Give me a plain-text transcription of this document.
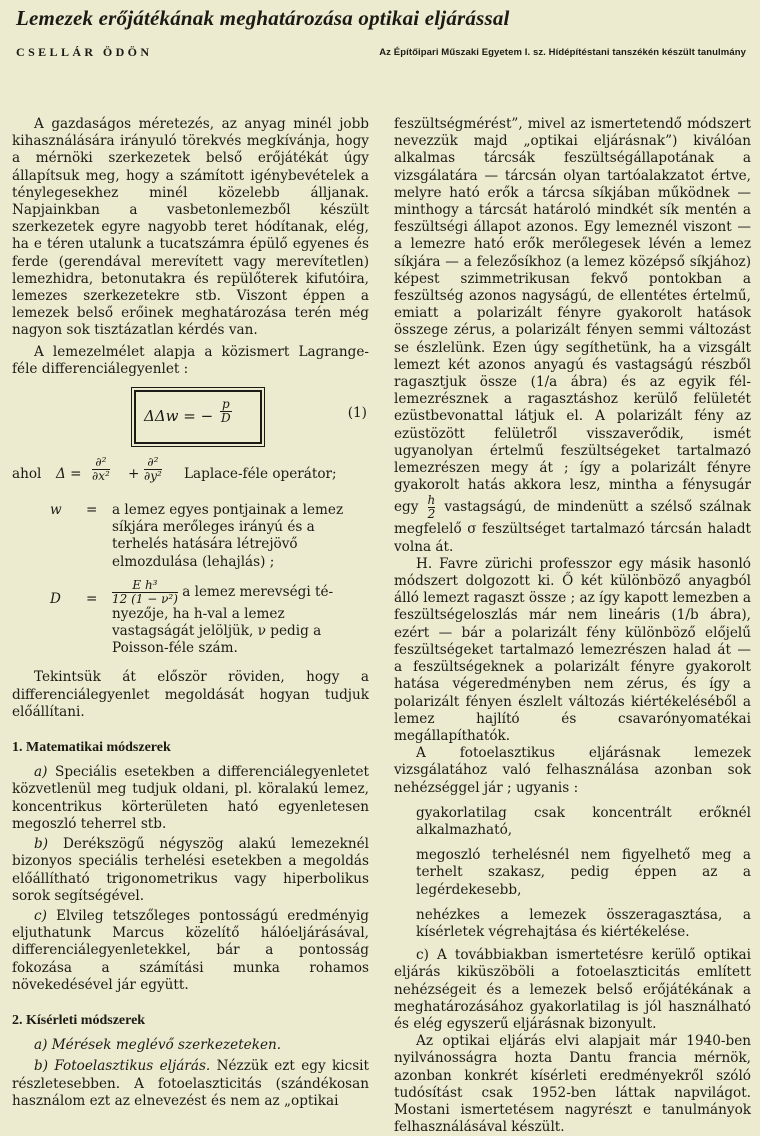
Lemezek erőjátékának meghatározása optikai eljárással
CSELLÁR ÖDÖN	Az Építőipari Műszaki Egyetem I. sz. Hídépítéstani tanszékén készült tanulmány

A gazdaságos méretezés, az anyag minél jobb kihasználására irányuló törekvés megkívánja, hogy a mérnöki szerkezetek belső erőjátékát úgy állapítsuk meg, hogy a számított igénybevételek a ténylegesekhez minél közelebb álljanak. Napjainkban a vasbetonlemezből készült szerkezetek egyre nagyobb teret hódítanak, elég, ha e téren utalunk a tucatszámra épülő egyenes és ferde (gerendával merevített vagy merevítetlen) lemezhidra, betonutakra és repülőterek kifutóira, lemezes szerkezetekre stb. Viszont éppen a lemezek belső erőinek meghatározása terén még nagyon sok tisztázatlan kérdés van.

A lemezelmélet alapja a közismert Lagrange-féle differenciálegyenlet :

ΔΔw = − $\frac{p}{D}$	(1)
ahol Δ =
∂²
∂x² +
∂²
∂y² Laplace-féle operátor;
w =	a lemez egyes pontjainak a lemez síkjára merőleges irányú és a terhelés hatására létrejövő elmozdulása (lehajlás) ;
$D = \frac{\text{E h³}}{\text{12 (1 − ν²)}}$ a lemez merevségi té-
nyezője, ha h-val a lemez vastagságát jelöljük, ν pedig a Poisson-féle szám.

Tekintsük át először röviden, hogy a differenciálegyenlet megoldását hogyan tudjuk előállítani.

1. Matematikai módszerek

a) Speciális esetekben a differenciálegyenletet közvetlenül meg tudjuk oldani, pl. köralakú lemez, koncentrikus körterületen ható egyenletesen megoszló teherrel stb.

b) Derékszögű négyszög alakú lemezeknél bizonyos speciális terhelési esetekben a megoldás előállítható trigonometrikus vagy hiperbolikus sorok segítségével.

c) Elvileg tetszőleges pontosságú eredményig eljuthatunk Marcus közelítő hálóeljárásával, differenciálegyenletekkel, bár a pontosság fokozása a számítási munka rohamos növekedésével jár együtt.

2. Kísérleti módszerek

a) Mérések meglévő szerkezeteken.

b) Fotoelasztikus eljárás. Nézzük ezt egy kicsit részletesebben. A fotoelaszticitás (szándékosan használom ezt az elnevezést és nem az „optikai

feszültségmérést”, mivel az ismertetendő módszert nevezzük majd „optikai eljárásnak”) kiválóan alkalmas tárcsák feszültségállapotának a vizsgálatára — tárcsán olyan tartóalakzatot értve, melyre ható erők a tárcsa síkjában működnek — minthogy a tárcsát határoló mindkét sík mentén a feszültségi állapot azonos. Egy lemeznél viszont — a lemezre ható erők merőlegesek lévén a lemez síkjára — a felezősíkhoz (a lemez középső síkjához) képest szimmetrikusan fekvő pontokban a feszültség azonos nagyságú, de ellentétes értelmű, emiatt a polarizált fényre gyakorolt hatások összege zérus, a polarizált fényen semmi változást se észlelünk. Ezen úgy segíthetünk, ha a vizsgált lemezt két azonos anyagú és vastagságú részből ragasztjuk össze (1/a ábra) és az egyik fél-lemezrésznek a ragasztáshoz kerülő felületét ezüstbevonattal látjuk el. A polarizált fény az ezüstözött felületről visszaverődik, ismét ugyanolyan értelmű feszültségeket tartalmazó lemezrészen megy át ; így a polarizált fényre gyakorolt hatás akkora lesz, mintha a fénysugár egy $\frac{h}{2}$ vastagságú, de mindenütt a szélső szálnak megfelelő σ feszültséget tartalmazó tárcsán haladt volna át.

H. Favre zürichi professzor egy másik hasonló módszert dolgozott ki. Ő két különböző anyagból álló lemezt ragaszt össze ; az így kapott lemezben a feszültségeloszlás már nem lineáris (1/b ábra), ezért — bár a polarizált fény különböző előjelű feszültségeket tartalmazó lemezrészen halad át — a feszültségeknek a polarizált fényre gyakorolt hatása végeredményben nem zérus, és így a polarizált fényen észlelt változás kiértékeléséből a lemez hajlító és csavarónyomatékai megállapíthatók.

A fotoelasztikus eljárásnak lemezek vizsgálatához való felhasználása azonban sok nehézséggel jár ; ugyanis :

gyakorlatilag csak koncentrált erőknél alkalmazható,

megoszló terhelésnél nem figyelhető meg a terhelt szakasz, pedig éppen az a legérdekesebb,

nehézkes a lemezek összeragasztása, a kísérletek végrehajtása és kiértékelése.

c) A továbbiakban ismertetésre kerülő optikai eljárás kiküszöböli a fotoelaszticitás említett nehézségeit és a lemezek belső erőjátékának a meghatározásához gyakorlatilag is jól használható és elég egyszerű eljárásnak bizonyult.

Az optikai eljárás elvi alapjait már 1940-ben nyilvánosságra hozta Dantu francia mérnök, azonban konkrét kísérleti eredményekről szóló tudósítást csak 1952-ben láttak napvilágot. Mostani ismertetésem nagyrészt e tanulmányok felhasználásával készült.
